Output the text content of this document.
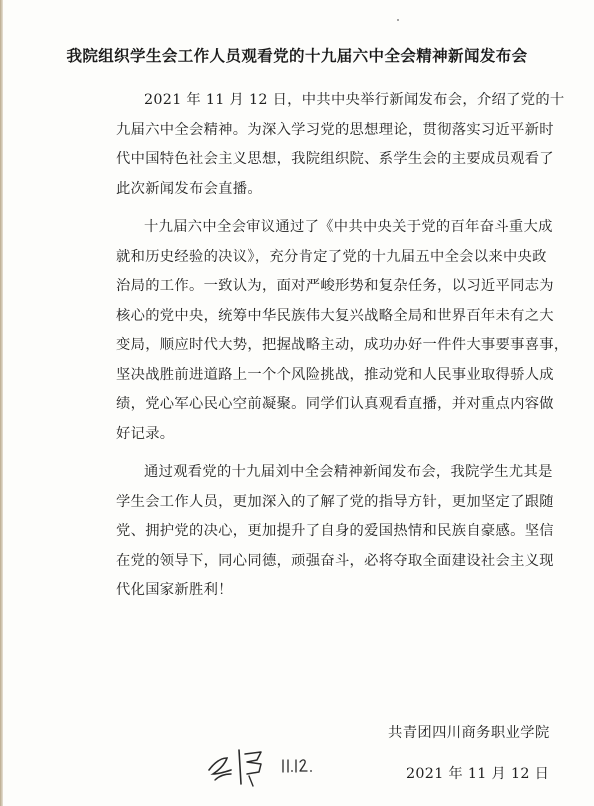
我院组织学生会工作人员观看党的十九届六中全会精神新闻发布会
2021 年 11 月 12 日，中共中央举行新闻发布会，介绍了党的十
九届六中全会精神。为深入学习党的思想理论，贯彻落实习近平新时
代中国特色社会主义思想，我院组织院、系学生会的主要成员观看了
此次新闻发布会直播。
十九届六中全会审议通过了《中共中央关于党的百年奋斗重大成
就和历史经验的决议》，充分肯定了党的十九届五中全会以来中央政
治局的工作。一致认为，面对严峻形势和复杂任务，以习近平同志为
核心的党中央，统筹中华民族伟大复兴战略全局和世界百年未有之大
变局，顺应时代大势，把握战略主动，成功办好一件件大事要事喜事，
坚决战胜前进道路上一个个风险挑战，推动党和人民事业取得骄人成
绩，党心军心民心空前凝聚。同学们认真观看直播，并对重点内容做
好记录。
通过观看党的十九届刘中全会精神新闻发布会，我院学生尤其是
学生会工作人员，更加深入的了解了党的指导方针，更加坚定了跟随
党、拥护党的决心，更加提升了自身的爱国热情和民族自豪感。坚信
在党的领导下，同心同德，顽强奋斗，必将夺取全面建设社会主义现
代化国家新胜利！
共青团四川商务职业学院
2021 年 11 月 12 日
